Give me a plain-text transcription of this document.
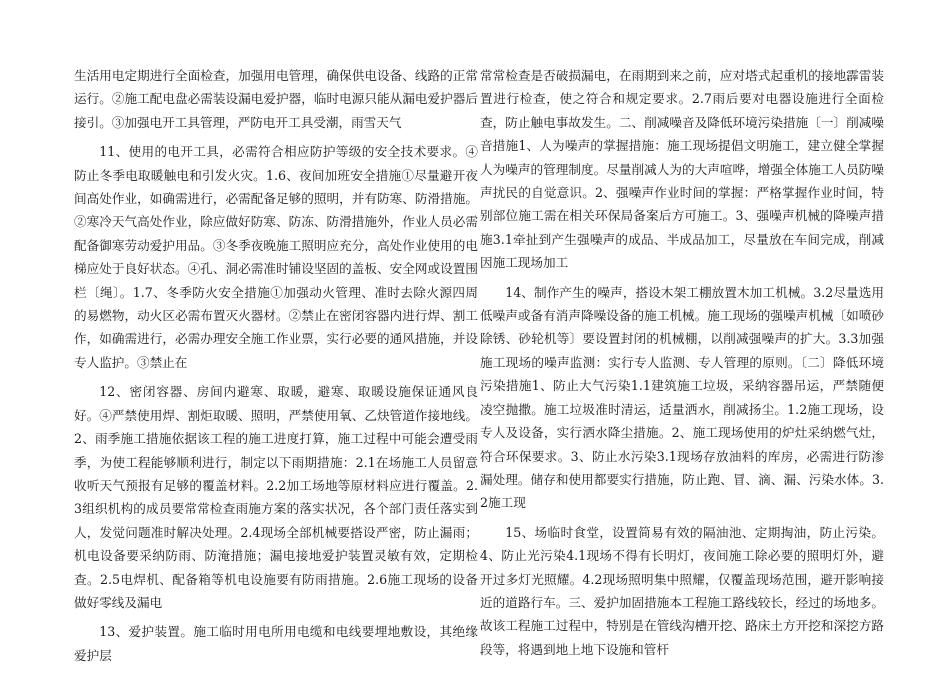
生活用电定期进行全面检查，加强用电管理，确保供电设备、线路的正常运行。②施工配电盘必需装设漏电爱护器，临时电源只能从漏电爱护器后接引。③加强电开工具管理，严防电开工具受潮，雨雪天气

11、使用的电开工具，必需符合相应防护等级的安全技术要求。④防止冬季电取暖触电和引发火灾。1.6、夜间加班安全措施①尽量避开夜间高处作业，如确需进行，必需配备足够的照明，并有防寒、防滑措施。②寒冷天气高处作业，除应做好防寒、防冻、防滑措施外，作业人员必需配备御寒劳动爱护用品。③冬季夜晚施工照明应充分，高处作业使用的电梯应处于良好状态。④孔、洞必需准时铺设坚固的盖板、安全网或设置围栏〔绳〕。1.7、冬季防火安全措施①加强动火管理、准时去除火源四周的易燃物，动火区必需布置灭火器材。②禁止在密闭容器内进行焊、割工作，如确需进行，必需办理安全施工作业票，实行必要的通风措施，并设专人监护。③禁止在

12、密闭容器、房间内避寒、取暖，避寒、取暖设施保证通风良好。④严禁使用焊、割炬取暖、照明，严禁使用氧、乙炔管道作接地线。2、雨季施工措施依据该工程的施工进度打算，施工过程中可能会遭受雨季，为使工程能够顺利进行，制定以下雨期措施：2.1在场施工人员留意收听天气预报有足够的覆盖材料。2.2加工场地等原材料应进行覆盖。2.3组织机构的成员要常常检查雨施方案的落实状况，各个部门责任落实到人，发觉问题准时解决处理。2.4现场全部机械要搭设严密，防止漏雨；机电设备要采纳防雨、防淹措施；漏电接地爱护装置灵敏有效，定期检查。2.5电焊机、配备箱等机电设施要有防雨措施。2.6施工现场的设备做好零线及漏电

13、爱护装置。施工临时用电所用电缆和电线要埋地敷设，其绝缘爱护层

常常检查是否破损漏电，在雨期到来之前，应对塔式起重机的接地霹雷装置进行检查，使之符合和规定要求。2.7雨后要对电器设施进行全面检查，防止触电事故发生。二、削减噪音及降低环境污染措施〔一〕削减噪音措施1、人为噪声的掌握措施：施工现场提倡文明施工，建立健全掌握人为噪声的管理制度。尽量削减人为的大声喧哗，增强全体施工人员防噪声扰民的自觉意识。2、强噪声作业时间的掌握：严格掌握作业时间，特别部位施工需在相关环保局备案后方可施工。3、强噪声机械的降噪声措施3.1牵扯到产生强噪声的成品、半成品加工，尽量放在车间完成，削减因施工现场加工

14、制作产生的噪声，搭设木架工棚放置木加工机械。3.2尽量选用低噪声或备有消声降噪设备的施工机械。施工现场的强噪声机械〔如喷砂除锈、砂轮机等〕要设置封闭的机械棚，以削减强噪声的扩大。3.3加强施工现场的噪声监测：实行专人监测、专人管理的原则。〔二〕降低环境污染措施1、防止大气污染1.1建筑施工垃圾，采纳容器吊运，严禁随便凌空抛撒。施工垃圾准时清运，适量洒水，削减扬尘。1.2施工现场，设专人及设备，实行洒水降尘措施。2、施工现场使用的炉灶采纳燃气灶，符合环保要求。3、防止水污染3.1现场存放油料的库房，必需进行防渗漏处理。储存和使用都要实行措施，防止跑、冒、滴、漏、污染水体。3.2施工现

15、场临时食堂，设置简易有效的隔油池、定期掏油，防止污染。4、防止光污染4.1现场不得有长明灯，夜间施工除必要的照明灯外，避开过多灯光照耀。4.2现场照明集中照耀，仅覆盖现场范围，避开影响接近的道路行车。三、爱护加固措施本工程施工路线较长，经过的场地多。故该工程施工过程中，特别是在管线沟槽开挖、路床土方开挖和深挖方路段等，将遇到地上地下设施和管杆
